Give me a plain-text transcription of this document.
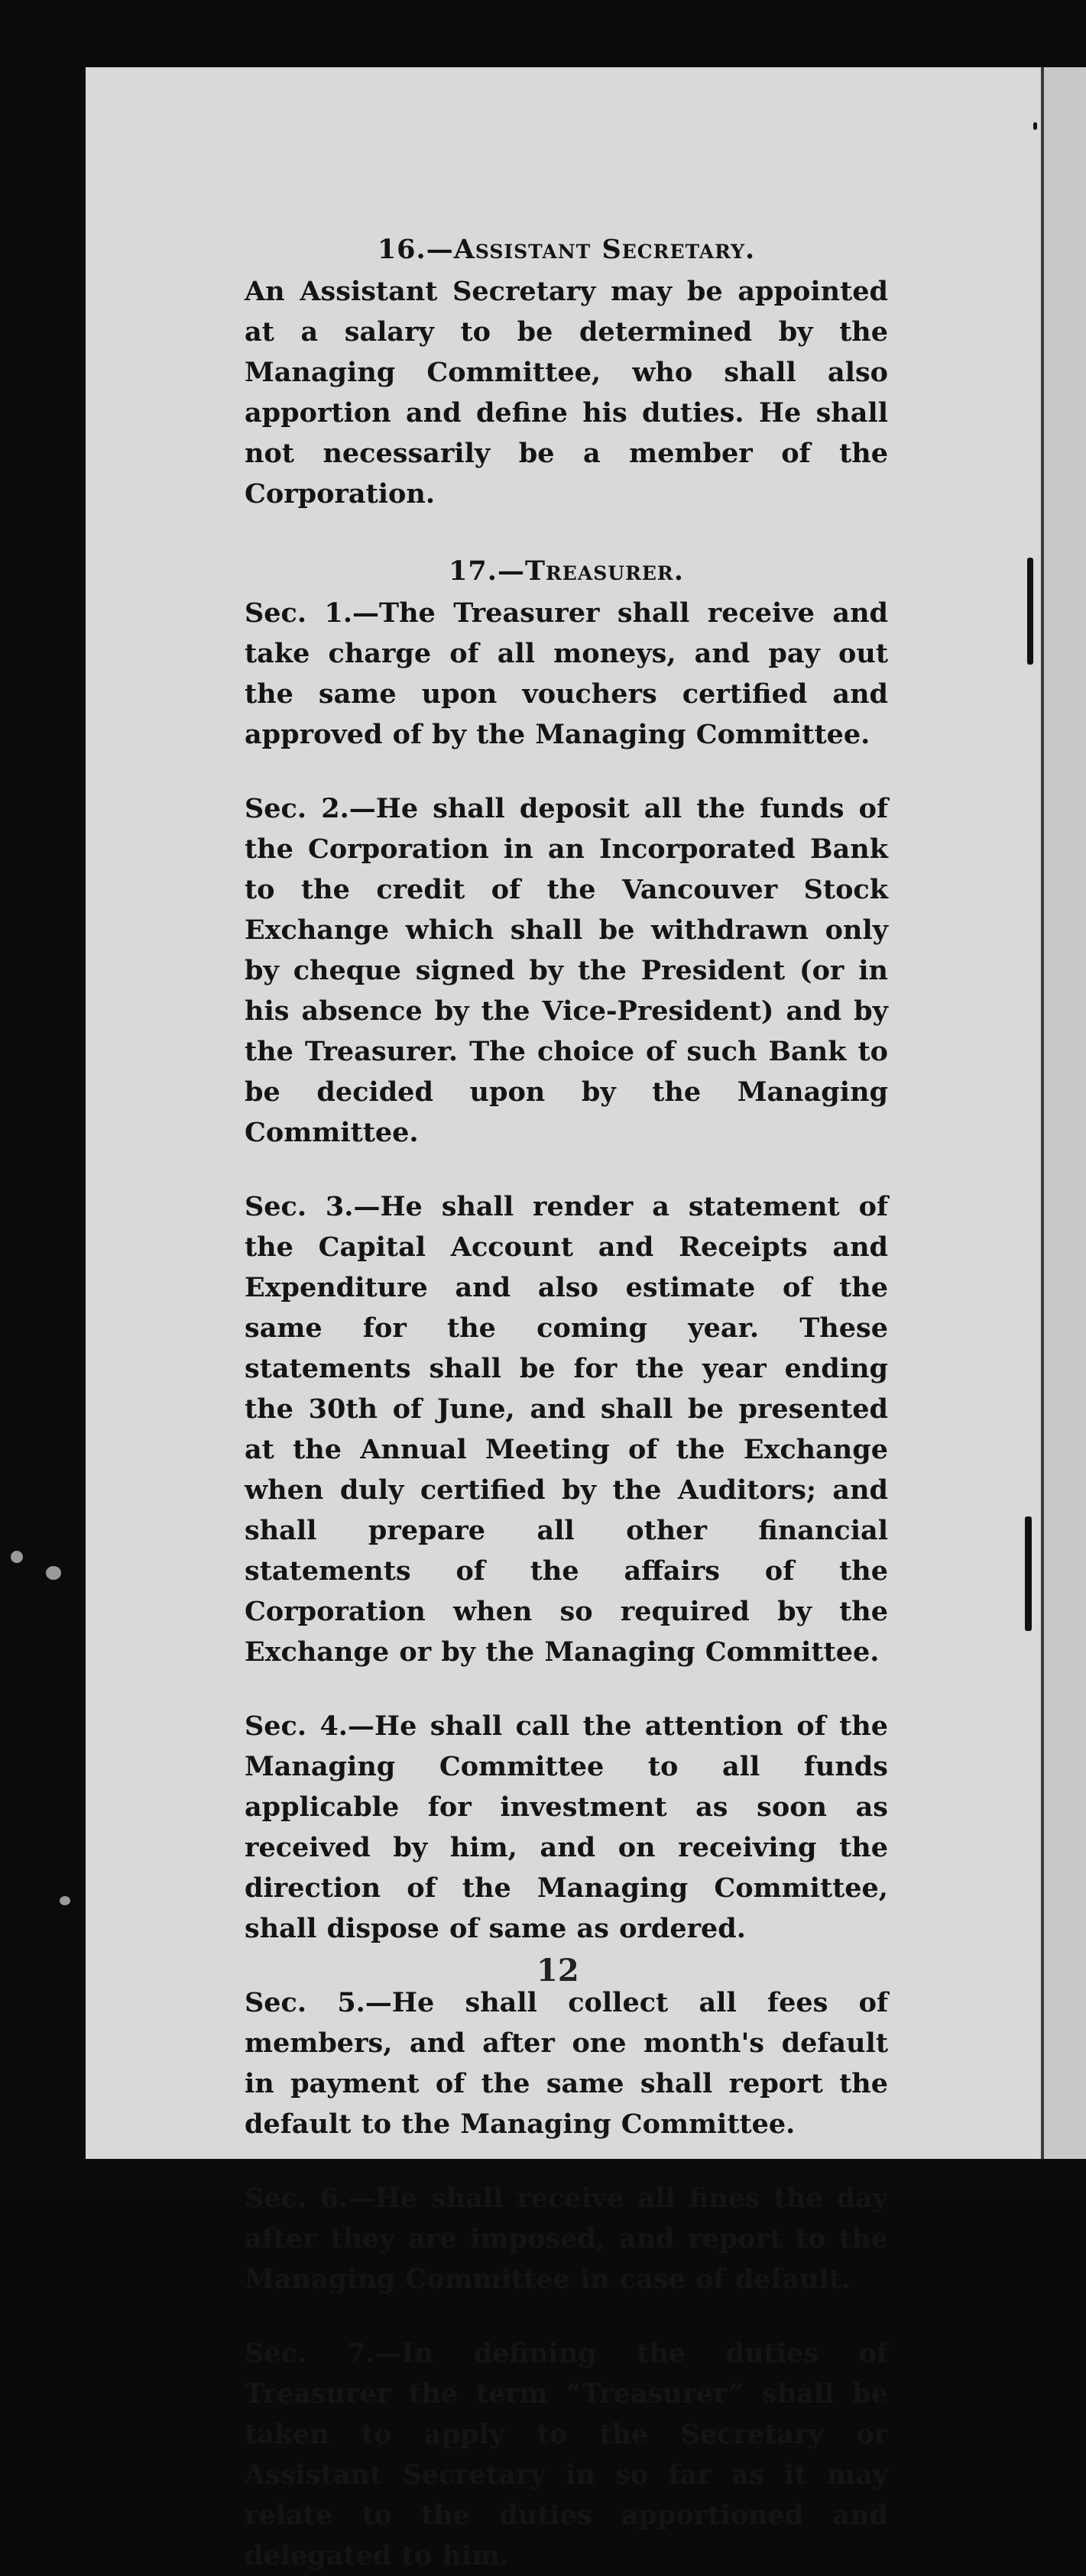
16.—Assistant Secretary.

An Assistant Secretary may be appointed at a salary to be determined by the Managing Committee, who shall also apportion and define his duties. He shall not necessarily be a member of the Corporation.

17.—Treasurer.

Sec. 1.—The Treasurer shall receive and take charge of all moneys, and pay out the same upon vouchers certified and approved of by the Managing Committee.

Sec. 2.—He shall deposit all the funds of the Corporation in an Incorporated Bank to the credit of the Vancouver Stock Exchange which shall be withdrawn only by cheque signed by the President (or in his absence by the Vice-President) and by the Treasurer. The choice of such Bank to be decided upon by the Managing Committee.

Sec. 3.—He shall render a statement of the Capital Account and Receipts and Expenditure and also estimate of the same for the coming year. These statements shall be for the year ending the 30th of June, and shall be presented at the Annual Meeting of the Exchange when duly certified by the Auditors; and shall prepare all other financial statements of the affairs of the Corporation when so required by the Exchange or by the Managing Committee.

Sec. 4.—He shall call the attention of the Managing Committee to all funds applicable for investment as soon as received by him, and on receiving the direction of the Managing Committee, shall dispose of same as ordered.

Sec. 5.—He shall collect all fees of members, and after one month's default in payment of the same shall report the default to the Managing Committee.

Sec. 6.—He shall receive all fines the day after they are imposed, and report to the Managing Committee in case of default.

Sec. 7.—In defining the duties of Treasurer the term “Treasurer” shall be taken to apply to the Secretary or Assistant Secretary in so far as it may relate to the duties apportioned and delegated to him.

12
